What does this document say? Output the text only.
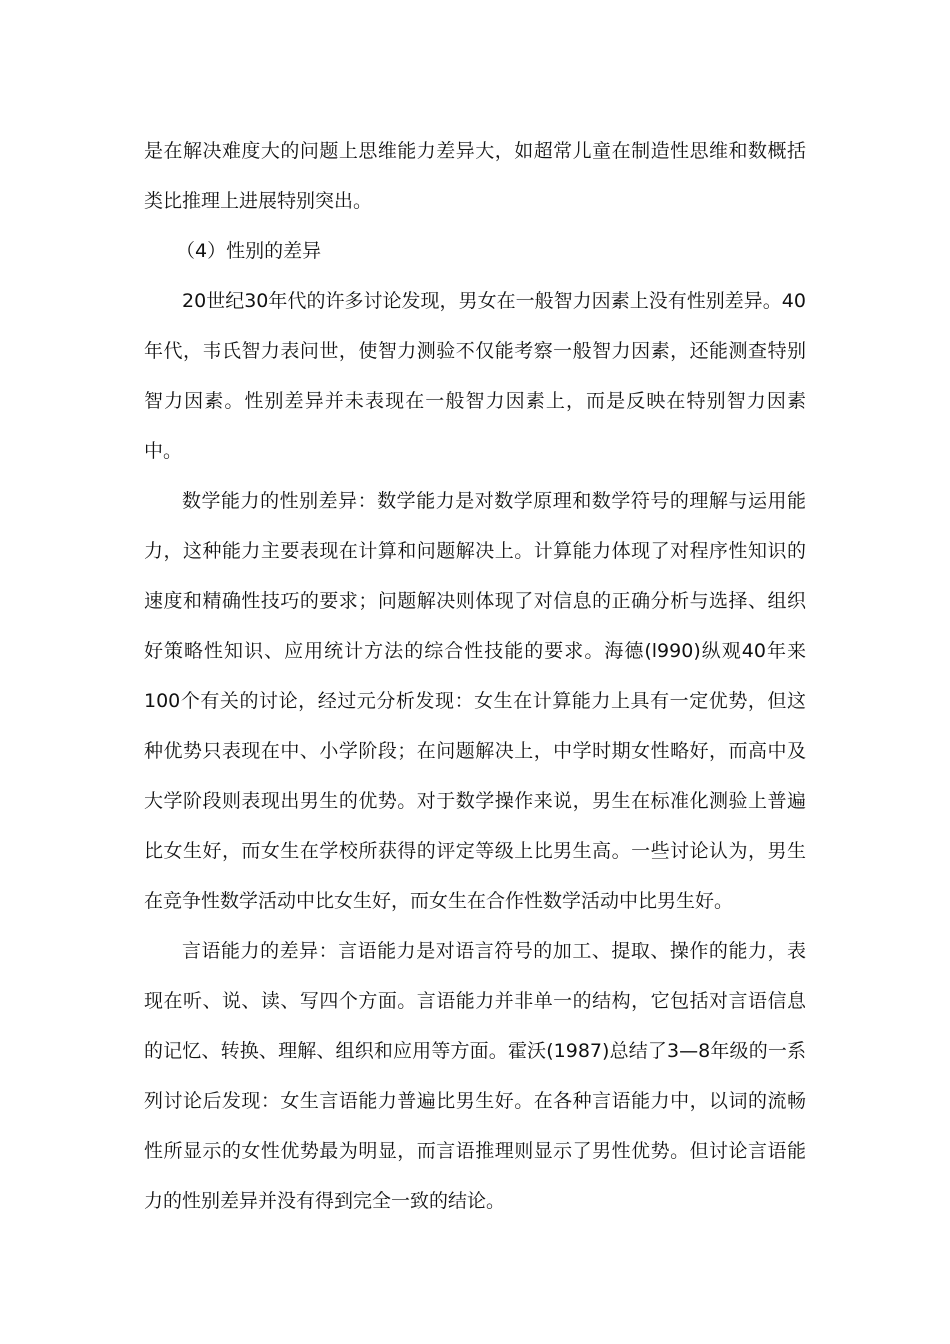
是在解决难度大的问题上思维能力差异大，如超常儿童在制造性思维和数概括类比推理上进展特别突出。

（4）性别的差异

20世纪30年代的许多讨论发现，男女在一般智力因素上没有性别差异。40年代，韦氏智力表问世，使智力测验不仅能考察一般智力因素，还能测查特别智力因素。性别差异并未表现在一般智力因素上，而是反映在特别智力因素中。

数学能力的性别差异：数学能力是对数学原理和数学符号的理解与运用能力，这种能力主要表现在计算和问题解决上。计算能力体现了对程序性知识的速度和精确性技巧的要求；问题解决则体现了对信息的正确分析与选择、组织好策略性知识、应用统计方法的综合性技能的要求。海德(l990)纵观40年来100个有关的讨论，经过元分析发现：女生在计算能力上具有一定优势，但这种优势只表现在中、小学阶段；在问题解决上，中学时期女性略好，而高中及大学阶段则表现出男生的优势。对于数学操作来说，男生在标准化测验上普遍比女生好，而女生在学校所获得的评定等级上比男生高。一些讨论认为，男生在竞争性数学活动中比女生好，而女生在合作性数学活动中比男生好。

言语能力的差异：言语能力是对语言符号的加工、提取、操作的能力，表现在听、说、读、写四个方面。言语能力并非单一的结构，它包括对言语信息的记忆、转换、理解、组织和应用等方面。霍沃(1987)总结了3—8年级的一系列讨论后发现：女生言语能力普遍比男生好。在各种言语能力中，以词的流畅性所显示的女性优势最为明显，而言语推理则显示了男性优势。但讨论言语能力的性别差异并没有得到完全一致的结论。
